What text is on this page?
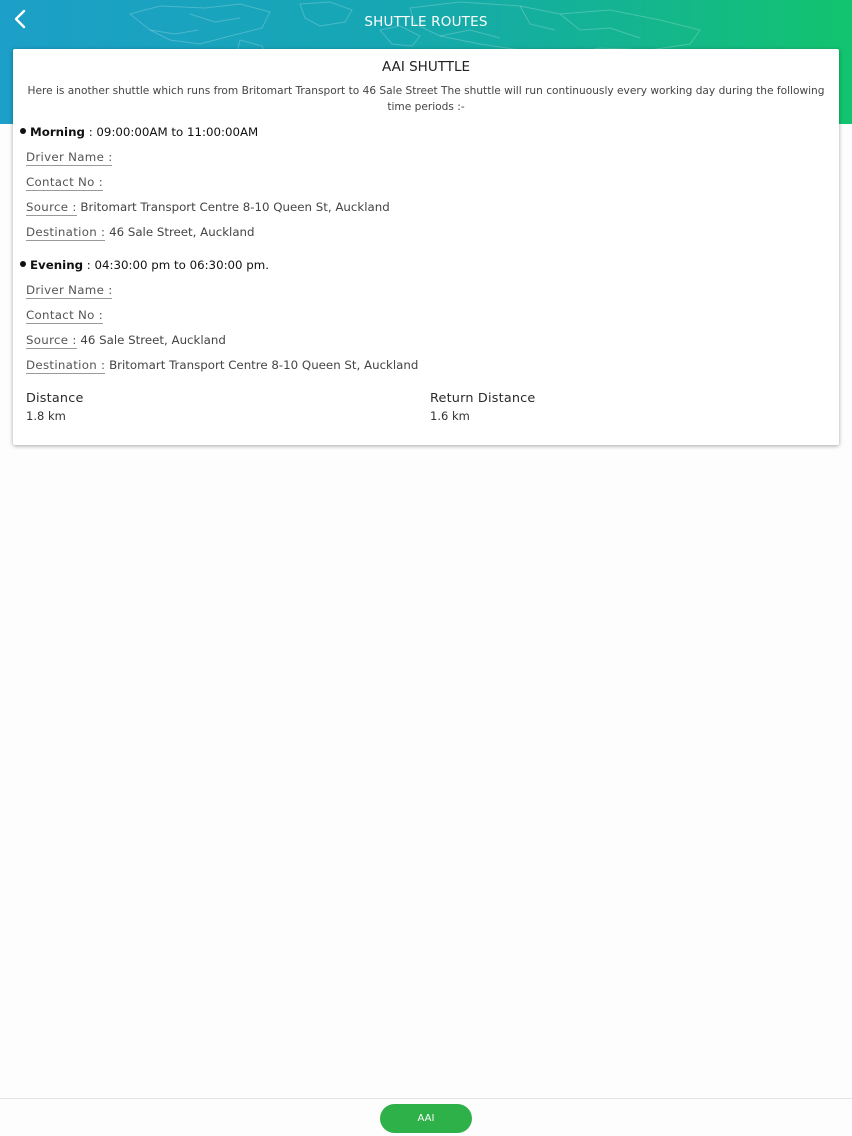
SHUTTLE ROUTES
AAI SHUTTLE
Here is another shuttle which runs from Britomart Transport to 46 Sale Street The shuttle will run continuously every working day during the following time periods :-
Morning : 09:00:00AM to 11:00:00AM
Driver Name :
Contact No :
Source : Britomart Transport Centre 8-10 Queen St, Auckland
Destination : 46 Sale Street, Auckland
Evening : 04:30:00 pm to 06:30:00 pm.
Driver Name :
Contact No :
Source : 46 Sale Street, Auckland
Destination : Britomart Transport Centre 8-10 Queen St, Auckland
Distance
1.8 km
Return Distance
1.6 km
AAI
